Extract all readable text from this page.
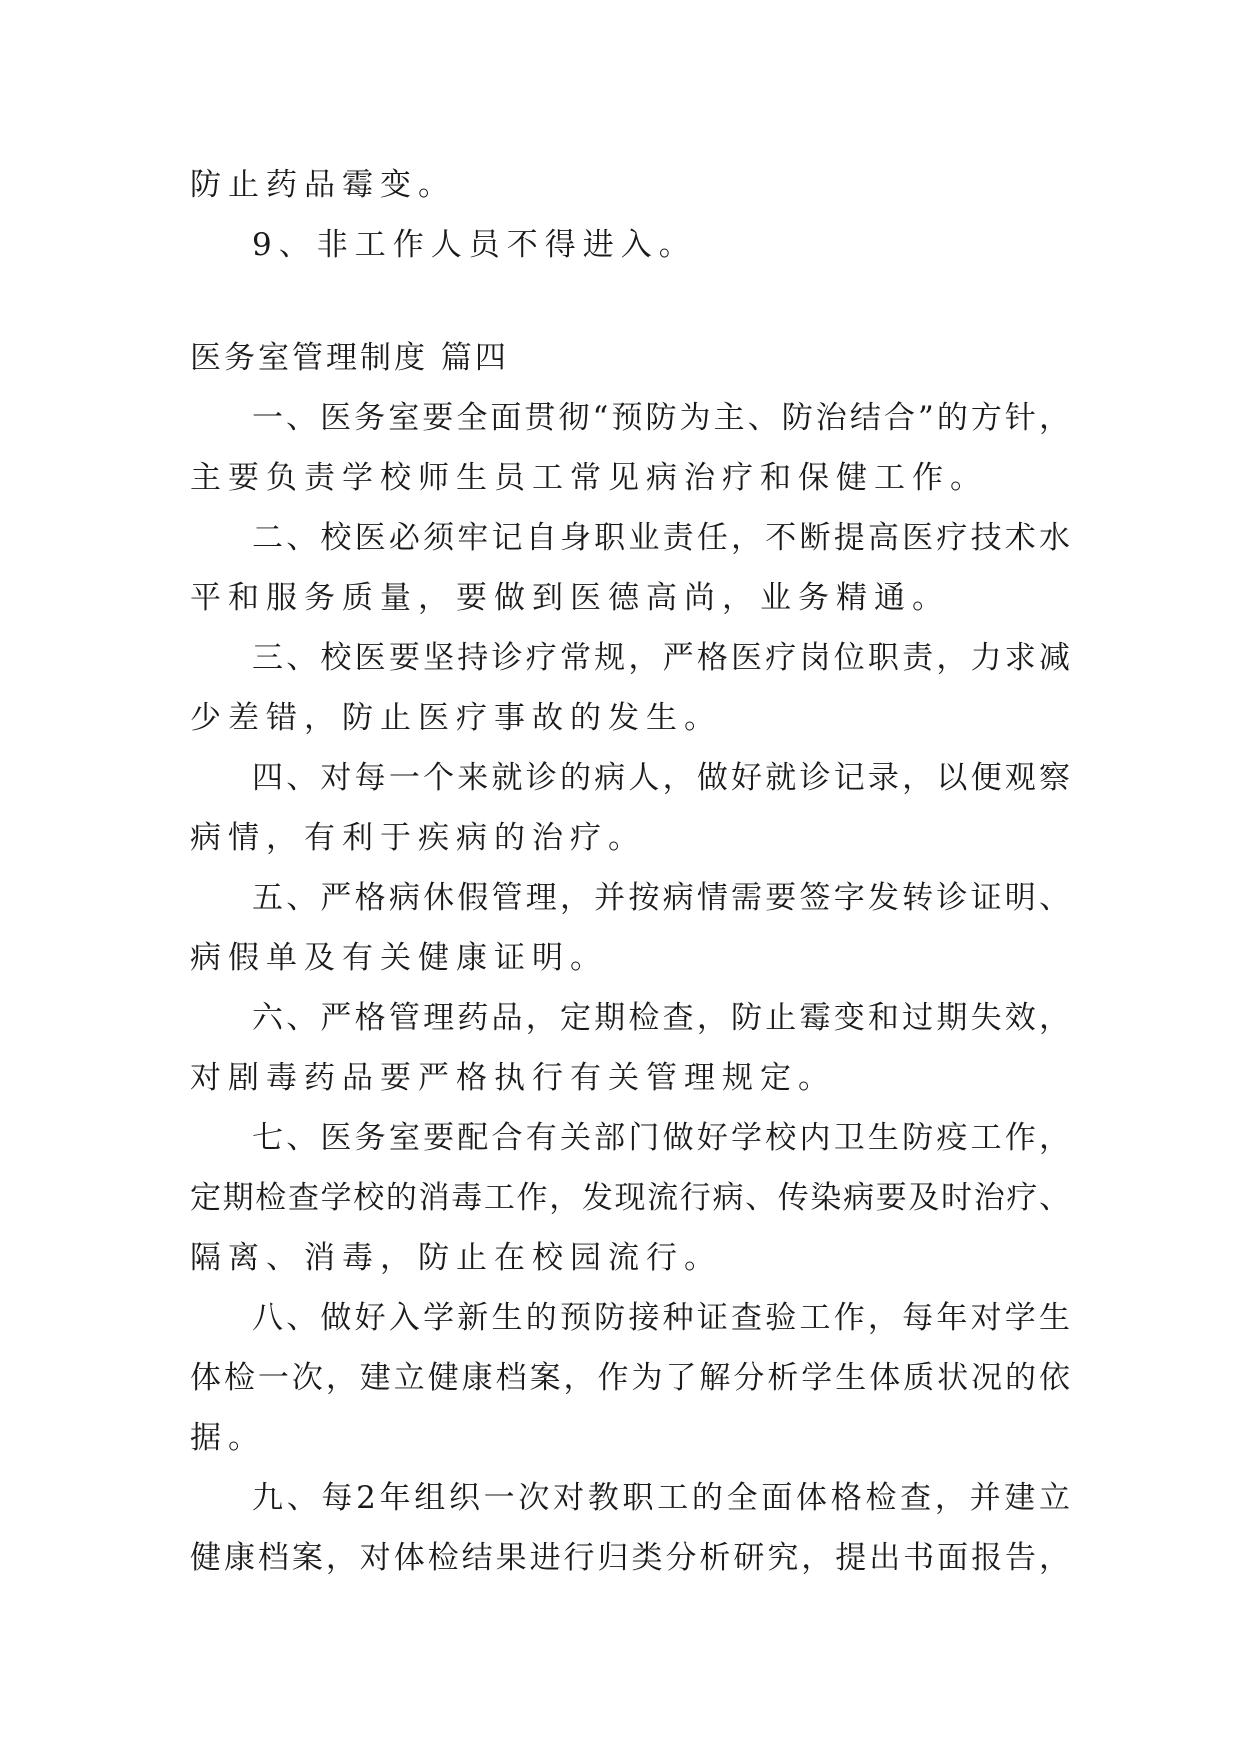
防止药品霉变。
9、非工作人员不得进入。
医务室管理制度 篇四
一、医务室要全面贯彻“预防为主、防治结合”的方针，
主要负责学校师生员工常见病治疗和保健工作。
二、校医必须牢记自身职业责任，不断提高医疗技术水
平和服务质量，要做到医德高尚，业务精通。
三、校医要坚持诊疗常规，严格医疗岗位职责，力求减
少差错，防止医疗事故的发生。
四、对每一个来就诊的病人，做好就诊记录，以便观察
病情，有利于疾病的治疗。
五、严格病休假管理，并按病情需要签字发转诊证明、
病假单及有关健康证明。
六、严格管理药品，定期检查，防止霉变和过期失效，
对剧毒药品要严格执行有关管理规定。
七、医务室要配合有关部门做好学校内卫生防疫工作，
定期检查学校的消毒工作，发现流行病、传染病要及时治疗、
隔离、消毒，防止在校园流行。
八、做好入学新生的预防接种证查验工作，每年对学生
体检一次，建立健康档案，作为了解分析学生体质状况的依
据。
九、每2年组织一次对教职工的全面体格检查，并建立
健康档案，对体检结果进行归类分析研究，提出书面报告，
